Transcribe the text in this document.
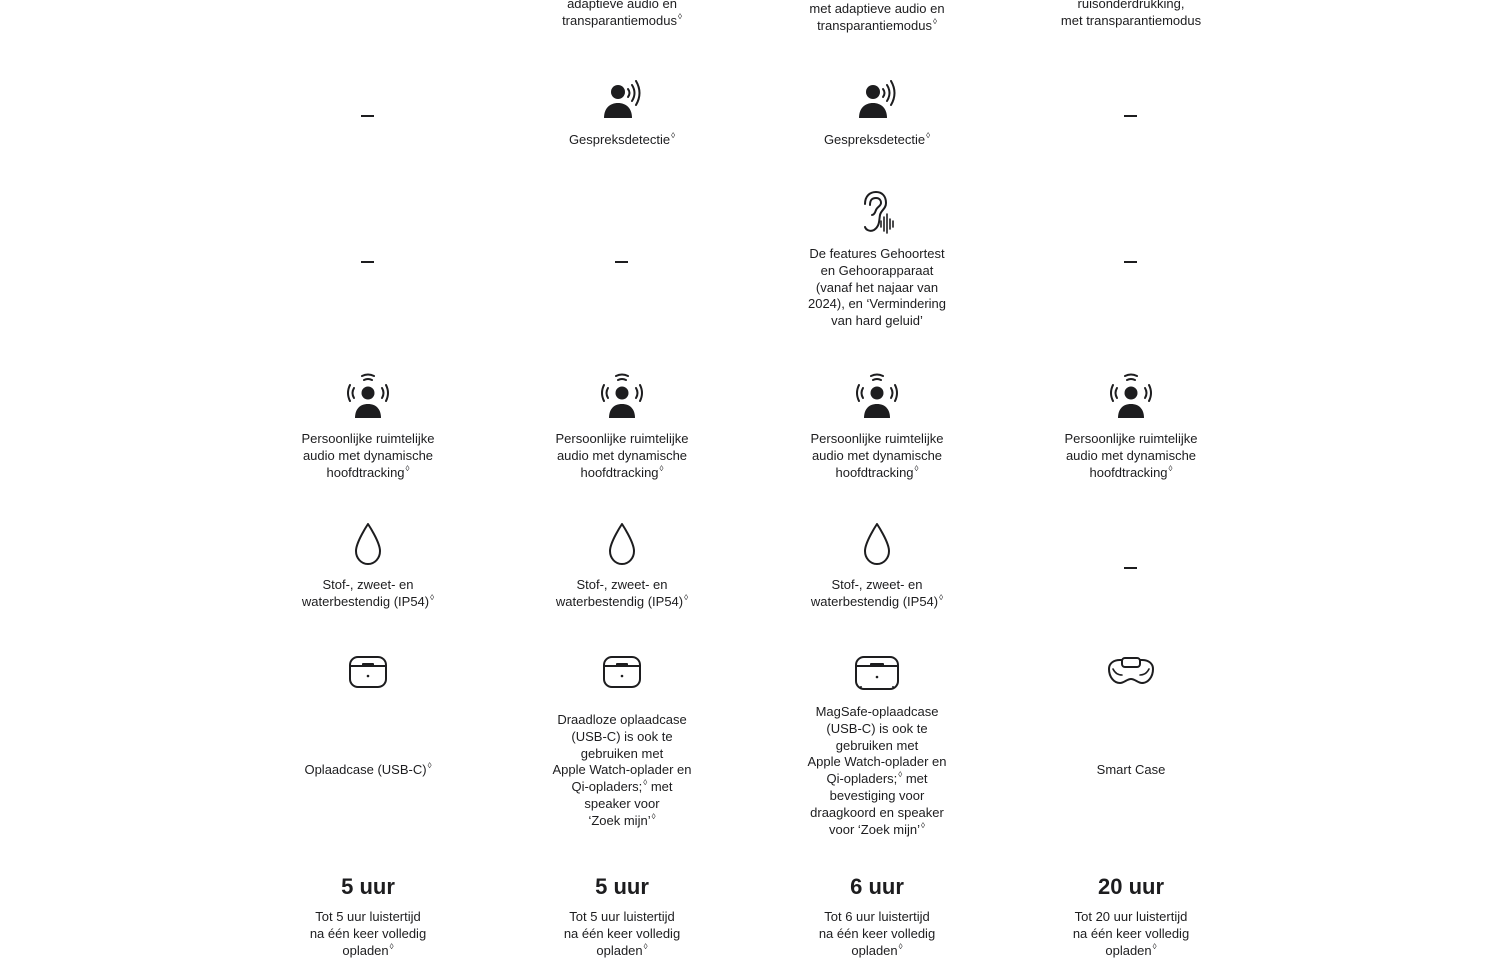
adaptieve audio en
transparantiemodus◊

met adaptieve audio en
transparantiemodus◊
ruisonderdrukking,
met transparantiemodus
Gespreksdetectie◊	Gespreksdetectie◊
De features Gehoortest
en Gehoorapparaat
(vanaf het najaar van
2024), en ‘Vermindering
van hard geluid’
Persoonlijke ruimtelijke
audio met dynamische
hoofdtracking◊
Persoonlijke ruimtelijke
audio met dynamische
hoofdtracking◊
Persoonlijke ruimtelijke
audio met dynamische
hoofdtracking◊
Persoonlijke ruimtelijke
audio met dynamische
hoofdtracking◊
Stof-, zweet- en
waterbestendig (IP54)◊
Stof-, zweet- en
waterbestendig (IP54)◊
Stof-, zweet- en
waterbestendig (IP54)◊
Oplaadcase (USB-C)◊
Draadloze oplaadcase
(USB-C) is ook te
gebruiken met
Apple Watch-oplader en
Qi-opladers;◊ met
speaker voor
‘Zoek mijn’◊
MagSafe-oplaadcase
(USB-C) is ook te
gebruiken met
Apple Watch-oplader en
Qi-opladers;◊ met
bevestiging voor
draagkoord en speaker
voor ‘Zoek mijn’◊
Smart Case
5 uur
Tot 5 uur luistertijd
na één keer volledig
opladen◊
5 uur
Tot 5 uur luistertijd
na één keer volledig
opladen◊
6 uur
Tot 6 uur luistertijd
na één keer volledig
opladen◊
20 uur
Tot 20 uur luistertijd
na één keer volledig
opladen◊
